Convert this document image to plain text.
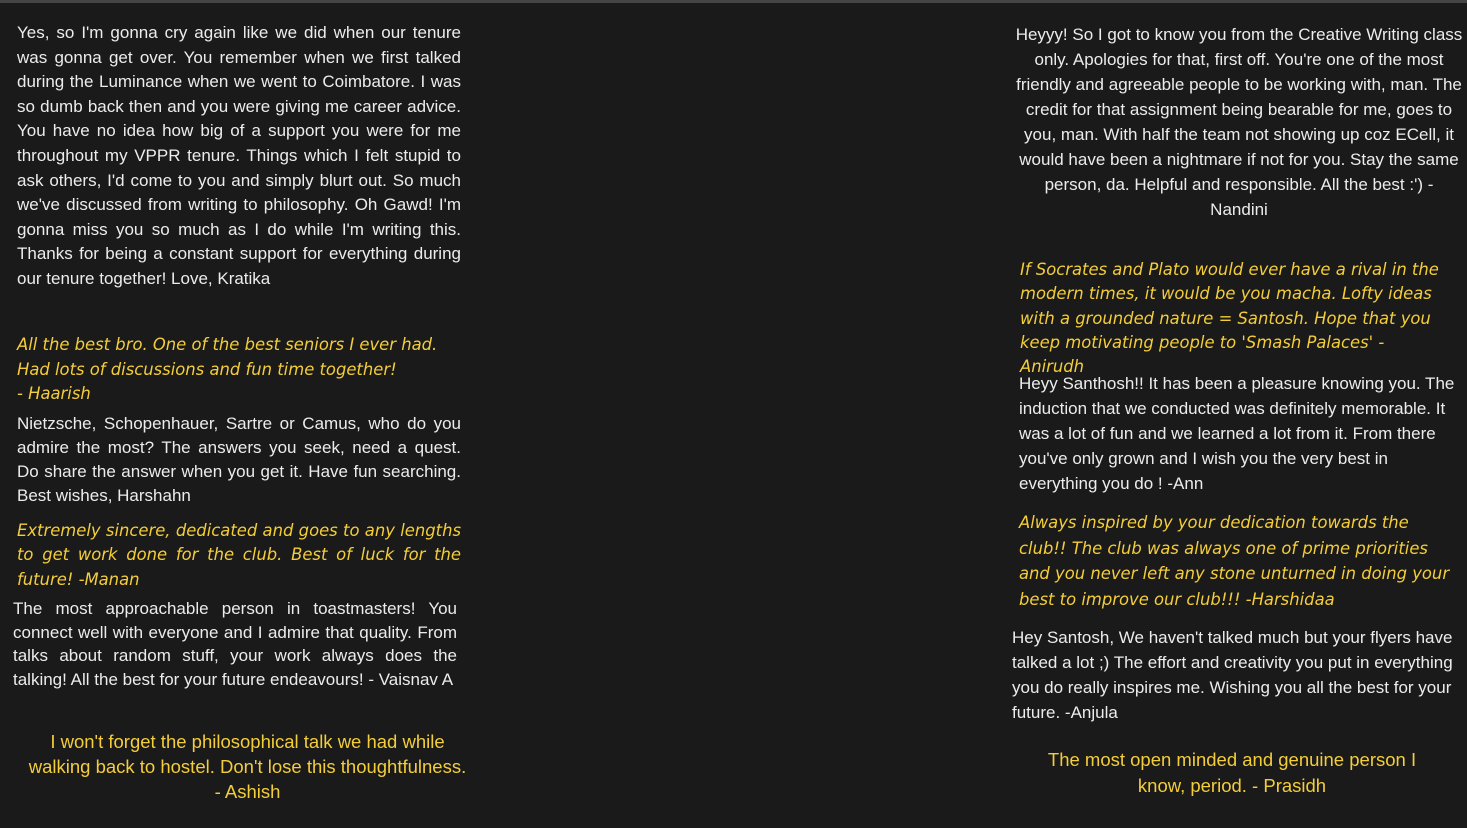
Yes, so I'm gonna cry again like we did when our tenure was gonna get over. You remember when we first talked during the Luminance when we went to Coimbatore. I was so dumb back then and you were giving me career advice. You have no idea how big of a support you were for me throughout my VPPR tenure. Things which I felt stupid to ask others, I'd come to you and simply blurt out. So much we've discussed from writing to philosophy. Oh Gawd! I'm gonna miss you so much as I do while I'm writing this. Thanks for being a constant support for everything during our tenure together! Love, Kratika

All the best bro. One of the best seniors I ever had.
Had lots of discussions and fun time together!
- Haarish

Nietzsche, Schopenhauer, Sartre or Camus, who do you admire the most? The answers you seek, need a quest. Do share the answer when you get it. Have fun searching. Best wishes, Harshahn

Extremely sincere, dedicated and goes to any lengths to get work done for the club. Best of luck for the future! -Manan

The most approachable person in toastmasters! You connect well with everyone and I admire that quality. From talks about random stuff, your work always does the talking! All the best for your future endeavours! - Vaisnav A

I won't forget the philosophical talk we had while
walking back to hostel. Don't lose this thoughtfulness.
- Ashish

Heyyy! So I got to know you from the Creative Writing class only. Apologies for that, first off. You're one of the most friendly and agreeable people to be working with, man. The credit for that assignment being bearable for me, goes to you, man. With half the team not showing up coz ECell, it would have been a nightmare if not for you. Stay the same person, da. Helpful and responsible. All the best :') - Nandini

If Socrates and Plato would ever have a rival in the modern times, it would be you macha. Lofty ideas with a grounded nature = Santosh. Hope that you keep motivating people to 'Smash Palaces' - Anirudh

Heyy Santhosh!! It has been a pleasure knowing you. The induction that we conducted was definitely memorable. It was a lot of fun and we learned a lot from it. From there you've only grown and I wish you the very best in everything you do ! -Ann

Always inspired by your dedication towards the club!! The club was always one of prime priorities and you never left any stone unturned in doing your best to improve our club!!! -Harshidaa

Hey Santosh, We haven't talked much but your flyers have talked a lot ;) The effort and creativity you put in everything you do really inspires me. Wishing you all the best for your future. -Anjula

The most open minded and genuine person I
know, period. - Prasidh
